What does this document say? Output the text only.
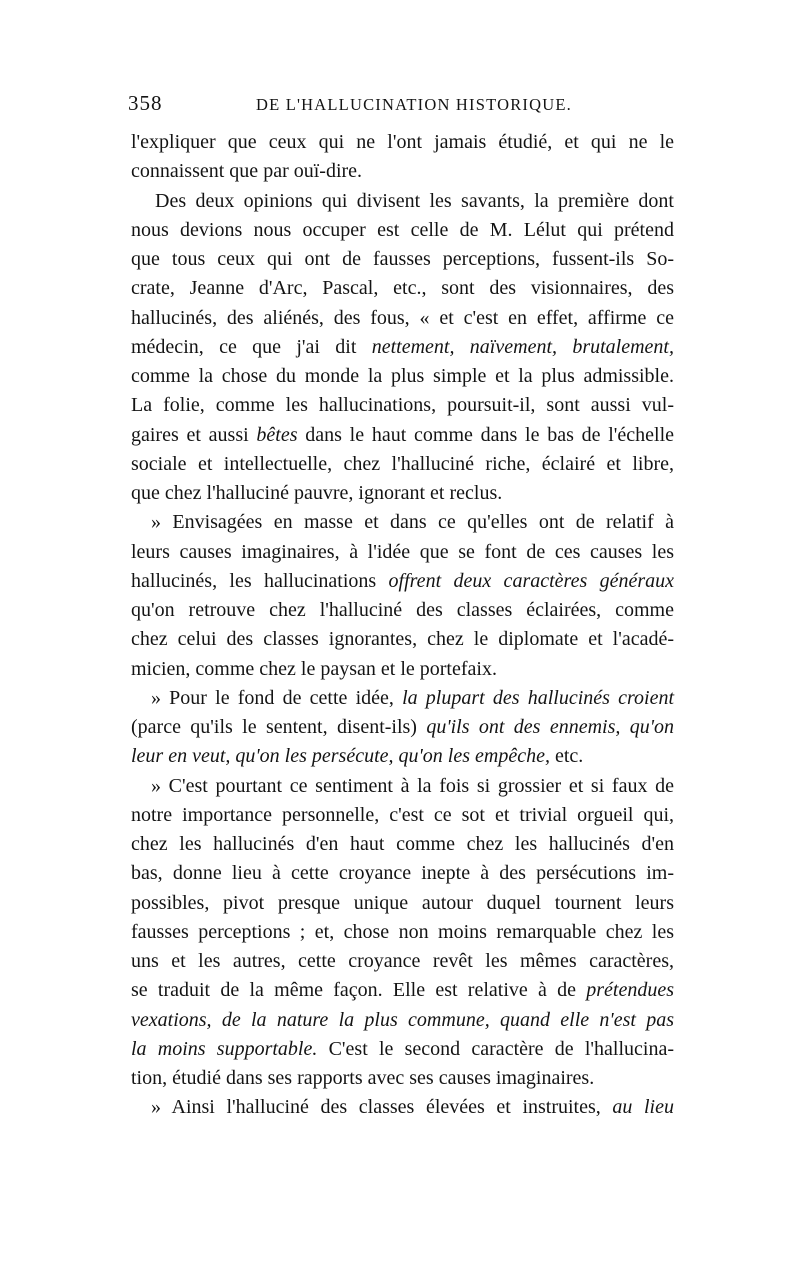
358	DE L'HALLUCINATION HISTORIQUE.
l'expliquer que ceux qui ne l'ont jamais étudié, et qui ne le
connaissent que par ouï-dire.
Des deux opinions qui divisent les savants, la première dont
nous devions nous occuper est celle de M. Lélut qui prétend
que tous ceux qui ont de fausses perceptions, fussent-ils So-
crate, Jeanne d'Arc, Pascal, etc., sont des visionnaires, des
hallucinés, des aliénés, des fous, « et c'est en effet, affirme ce
médecin, ce que j'ai dit nettement, naïvement, brutalement,
comme la chose du monde la plus simple et la plus admissible.
La folie, comme les hallucinations, poursuit-il, sont aussi vul-
gaires et aussi bêtes dans le haut comme dans le bas de l'échelle
sociale et intellectuelle, chez l'halluciné riche, éclairé et libre,
que chez l'halluciné pauvre, ignorant et reclus.
» Envisagées en masse et dans ce qu'elles ont de relatif à
leurs causes imaginaires, à l'idée que se font de ces causes les
hallucinés, les hallucinations offrent deux caractères généraux
qu'on retrouve chez l'halluciné des classes éclairées, comme
chez celui des classes ignorantes, chez le diplomate et l'acadé-
micien, comme chez le paysan et le portefaix.
» Pour le fond de cette idée, la plupart des hallucinés croient
(parce qu'ils le sentent, disent-ils) qu'ils ont des ennemis, qu'on
leur en veut, qu'on les persécute, qu'on les empêche, etc.
» C'est pourtant ce sentiment à la fois si grossier et si faux de
notre importance personnelle, c'est ce sot et trivial orgueil qui,
chez les hallucinés d'en haut comme chez les hallucinés d'en
bas, donne lieu à cette croyance inepte à des persécutions im-
possibles, pivot presque unique autour duquel tournent leurs
fausses perceptions ; et, chose non moins remarquable chez les
uns et les autres, cette croyance revêt les mêmes caractères,
se traduit de la même façon. Elle est relative à de prétendues
vexations, de la nature la plus commune, quand elle n'est pas
la moins supportable. C'est le second caractère de l'hallucina-
tion, étudié dans ses rapports avec ses causes imaginaires.
» Ainsi l'halluciné des classes élevées et instruites, au lieu
